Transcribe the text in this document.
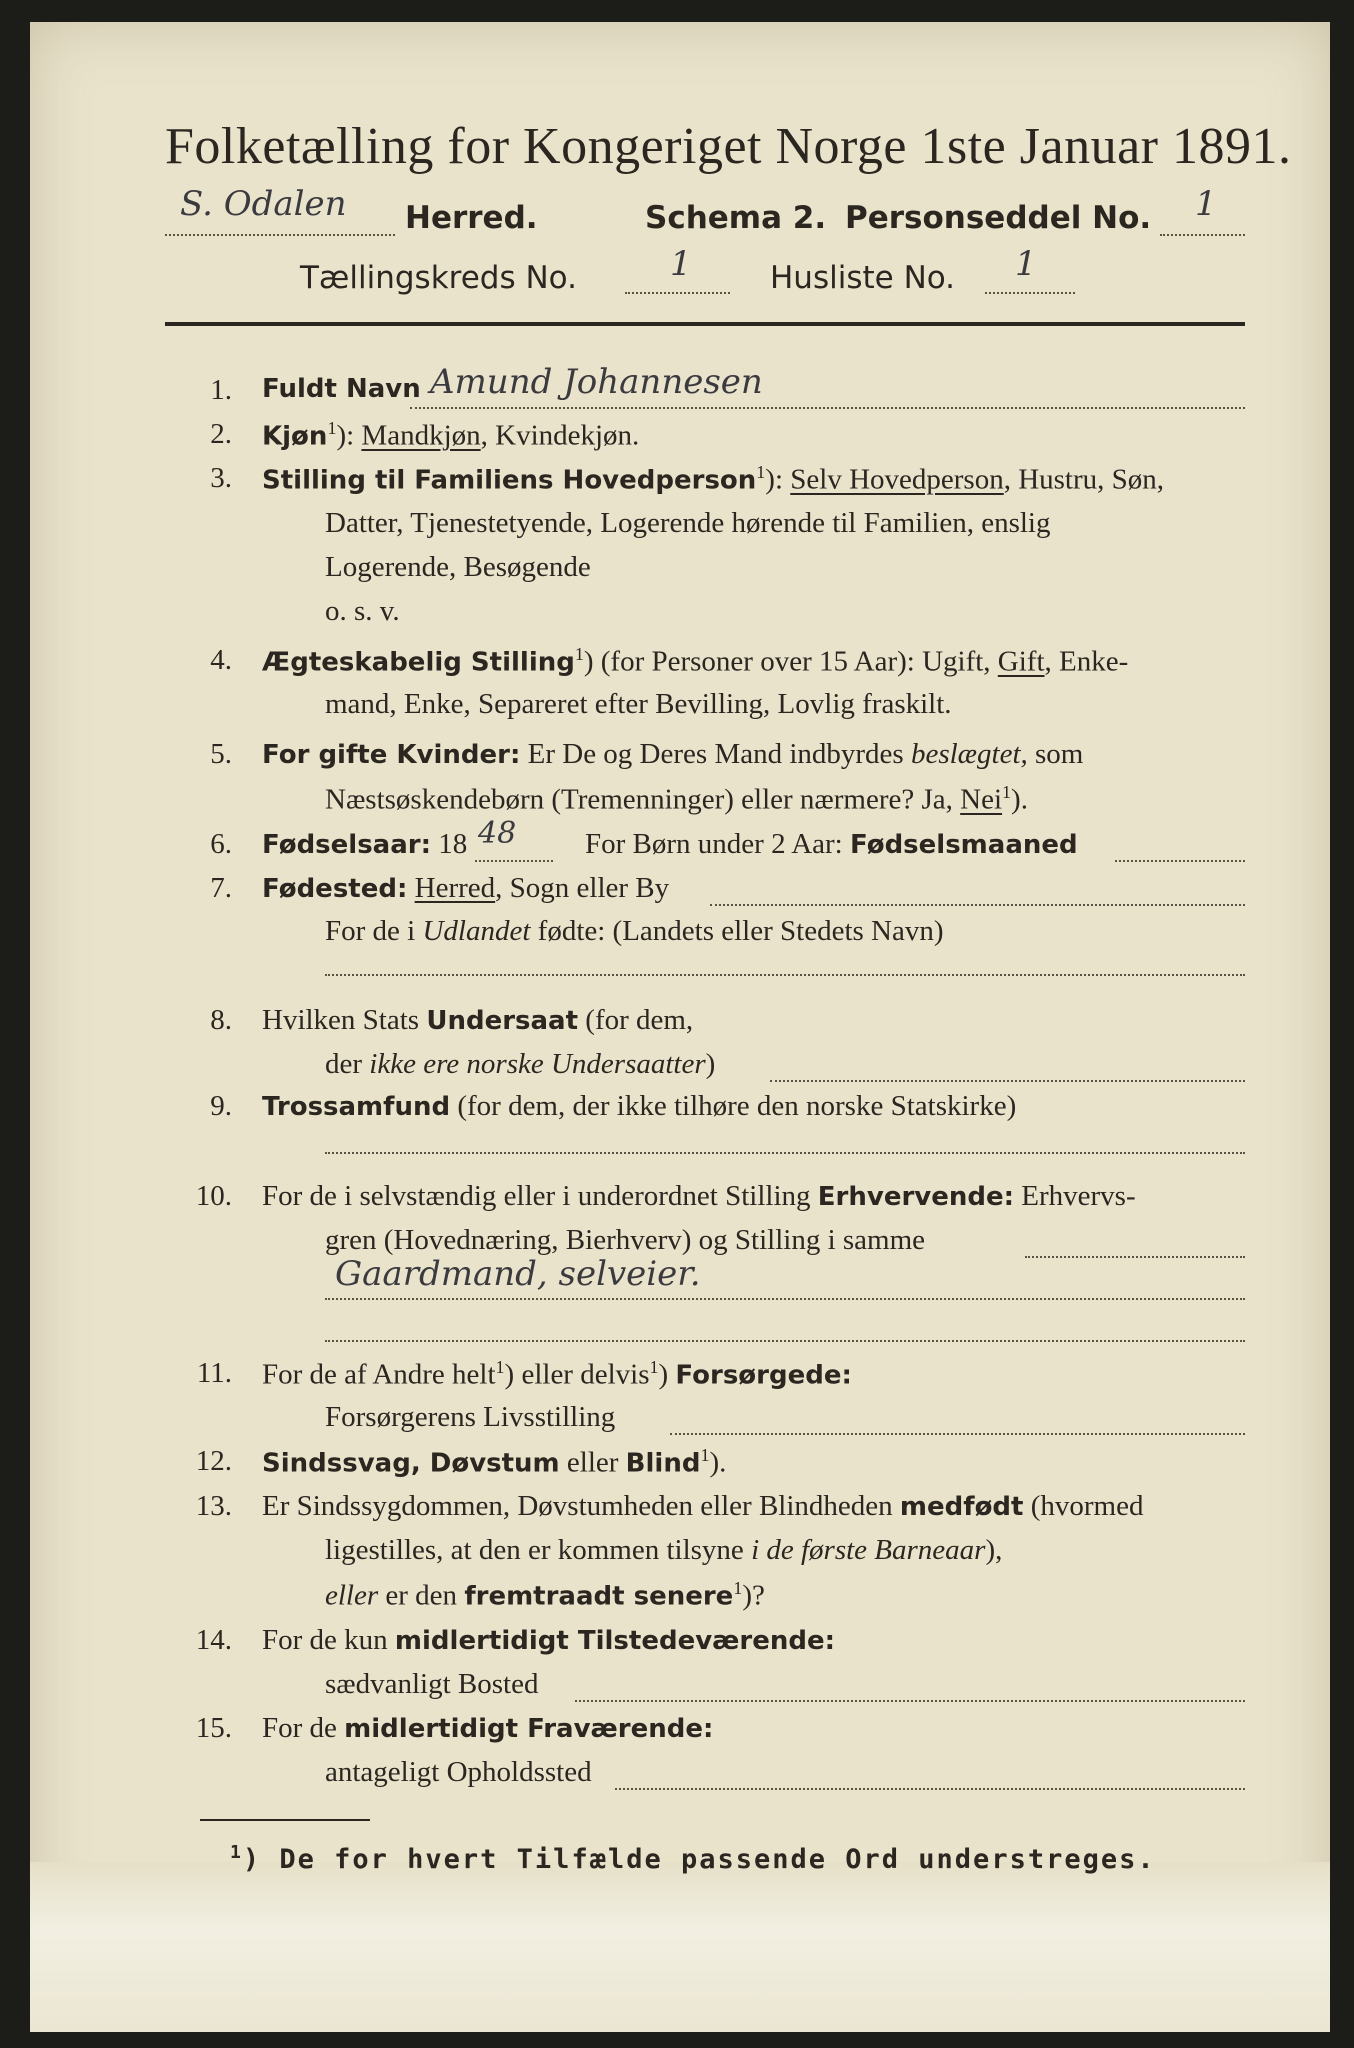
Folketælling for Kongeriget Norge 1ste Januar 1891.
S. Odalen Herred.	Schema 2. Personseddel No. 1
Tællingskreds No.	1	Husliste No. 1
1. Fuldt Navn Amund Johannesen
2. Kjøn$^1$): Mandkjøn, Kvindekjøn.
3. Stilling til Familiens Hovedperson$^1$): Selv Hovedperson, Hustru, Søn,
Datter, Tjenestetyende, Logerende hørende til Familien, enslig
Logerende, Besøgende
o. s. v.
4. Ægteskabelig Stilling$^1$) (for Personer over 15 Aar): Ugift, Gift, Enke-
mand, Enke, Separeret efter Bevilling, Lovlig fraskilt.
5. For gifte Kvinder: Er De og Deres Mand indbyrdes beslægtet, som
Næstsøskendebørn (Tremenninger) eller nærmere? Ja, Nei$^1$).
6. Fødselsaar: 18 48 For Børn under 2 Aar: Fødselsmaaned
7. Fødested: Herred, Sogn eller By
For de i Udlandet fødte: (Landets eller Stedets Navn)
8. Hvilken Stats Undersaat (for dem,
der ikke ere norske Undersaatter)
9. Trossamfund (for dem, der ikke tilhøre den norske Statskirke)
10. For de i selvstændig eller i underordnet Stilling Erhvervende: Erhvervs-
gren (Hovednæring, Bierhverv) og Stilling i samme
Gaardmand, selveier.
11. For de af Andre helt$^1$) eller delvis$^1$) Forsørgede:
Forsørgerens Livsstilling
12. Sindssvag, Døvstum eller Blind$^1$).
13. Er Sindssygdommen, Døvstumheden eller Blindheden medfødt (hvormed
ligestilles, at den er kommen tilsyne i de første Barneaar),
eller er den fremtraadt senere$^1$)?
14. For de kun midlertidigt Tilstedeværende:
sædvanligt Bosted
15. For de midlertidigt Fraværende:
antageligt Opholdssted
$^1$) De for hvert Tilfælde passende Ord understreges.
